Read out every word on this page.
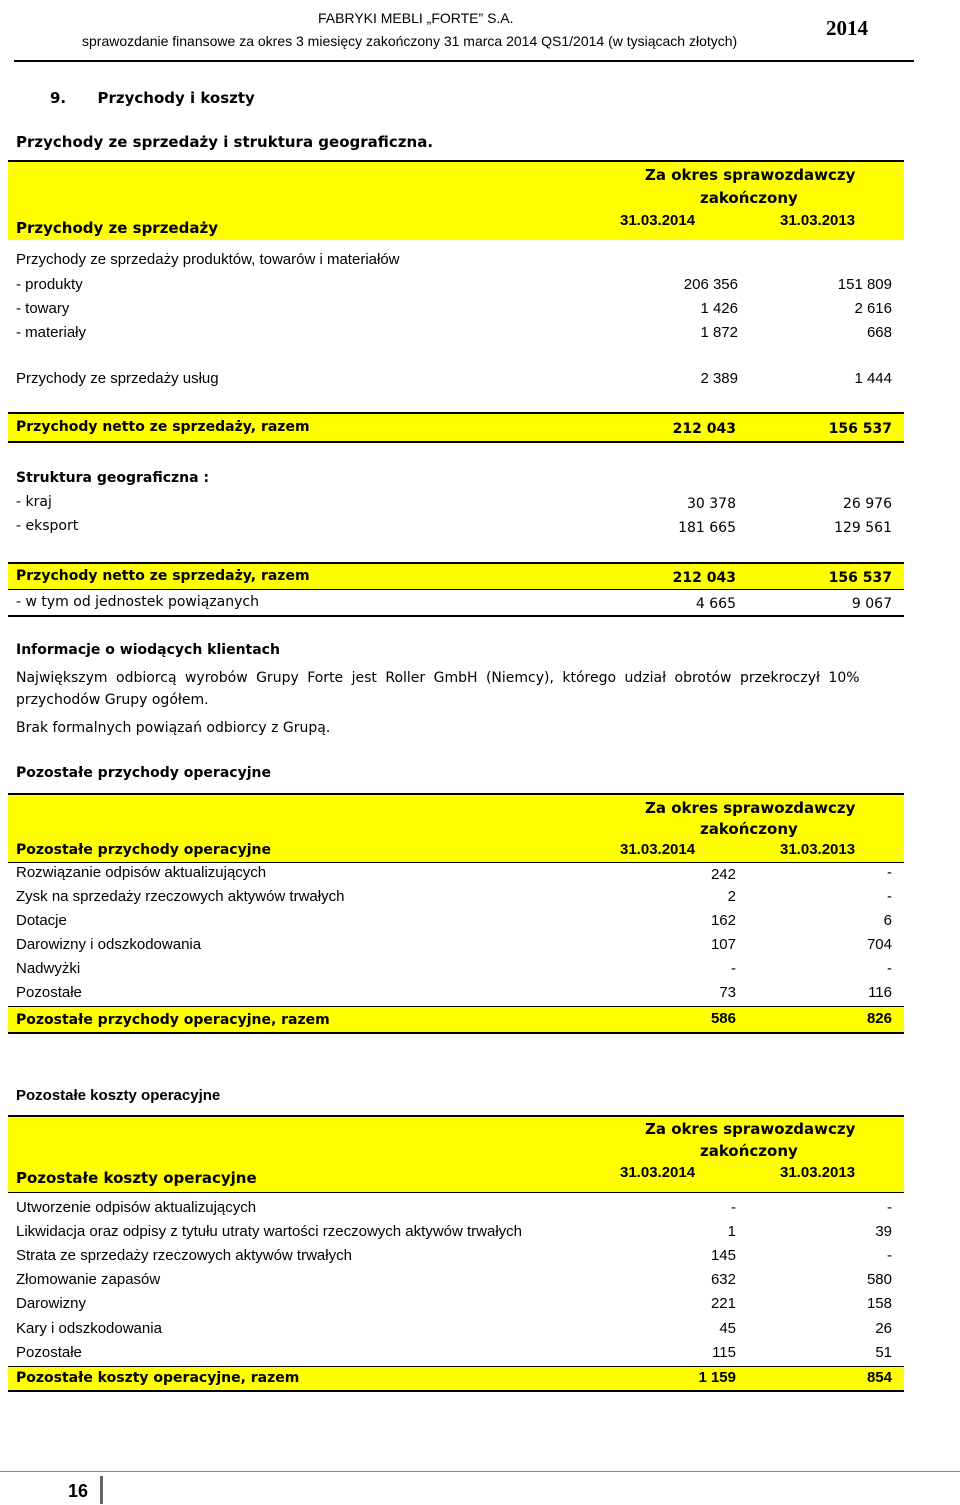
FABRYKI MEBLI „FORTE” S.A.
sprawozdanie finansowe za okres 3 miesięcy zakończony 31 marca 2014 QS1/2014 (w tysiącach złotych)
2014
9.      Przychody i koszty
Przychody ze sprzedaży i struktura geograficzna.
Za okres sprawozdawczy
zakończony
Przychody ze sprzedaży	31.03.2014	31.03.2013
Przychody ze sprzedaży produktów, towarów i materiałów
- produkty	206 356	151 809
- towary	1 426	2 616
- materiały	1 872	668
Przychody ze sprzedaży usług	2 389	1 444
Przychody netto ze sprzedaży, razem	212 043	156 537
Struktura geograficzna :
- kraj	30 378	26 976
- eksport	181 665	129 561
Przychody netto ze sprzedaży, razem	212 043	156 537
- w tym od jednostek powiązanych	4 665	9 067
Informacje o wiodących klientach
Największym odbiorcą wyrobów Grupy Forte jest Roller GmbH (Niemcy), którego udział obrotów przekroczył 10%
przychodów Grupy ogółem.
Brak formalnych powiązań odbiorcy z Grupą.
Pozostałe przychody operacyjne
Za okres sprawozdawczy
zakończony
Pozostałe przychody operacyjne	31.03.2014	31.03.2013
Rozwiązanie odpisów aktualizujących	242	-
Zysk na sprzedaży rzeczowych aktywów trwałych	2	-
Dotacje	162	6
Darowizny i odszkodowania	107	704
Nadwyżki	-	-
Pozostałe	73	116
Pozostałe przychody operacyjne, razem	586	826
Pozostałe koszty operacyjne
Za okres sprawozdawczy
zakończony
Pozostałe koszty operacyjne	31.03.2014	31.03.2013
Utworzenie odpisów aktualizujących	-	-
Likwidacja oraz odpisy z tytułu utraty wartości rzeczowych aktywów trwałych	1	39
Strata ze sprzedaży rzeczowych aktywów trwałych	145	-
Złomowanie zapasów	632	580
Darowizny	221	158
Kary i odszkodowania	45	26
Pozostałe	115	51
Pozostałe koszty operacyjne, razem	1 159	854
16
